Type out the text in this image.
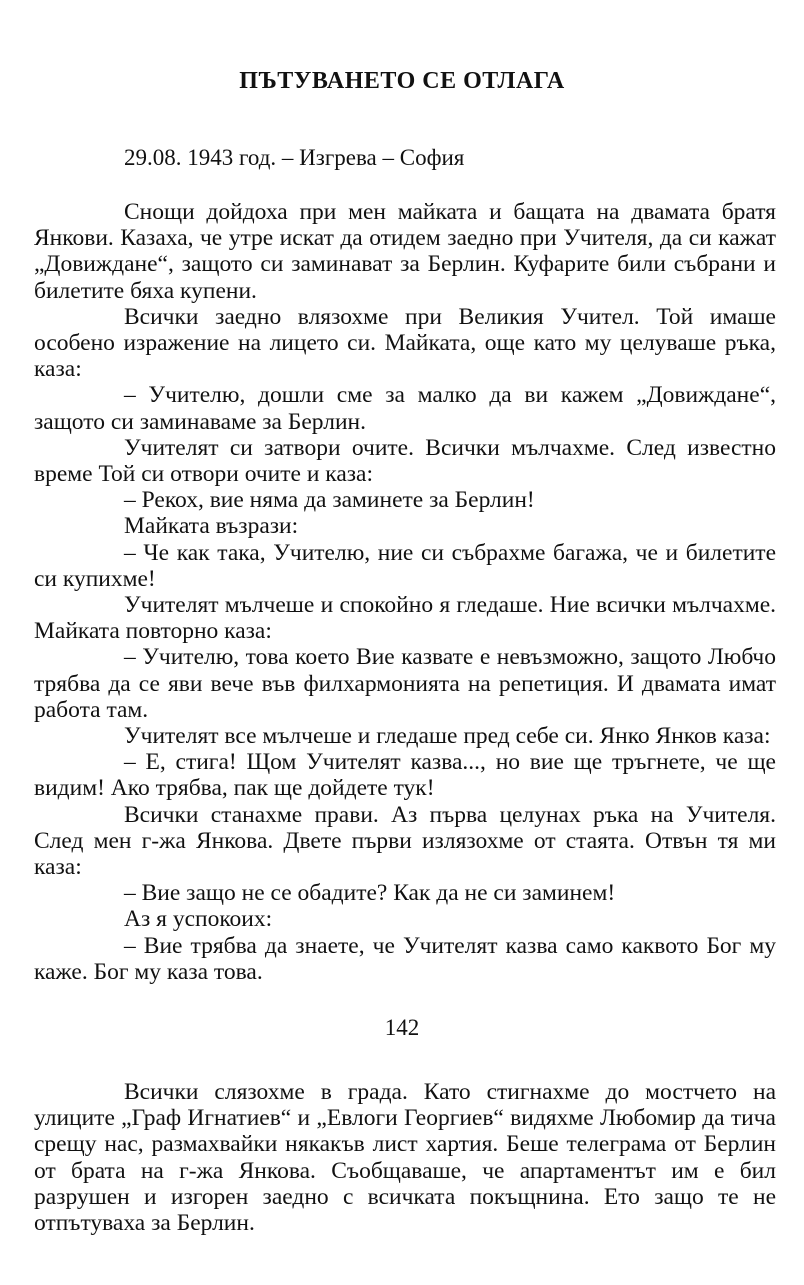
ПЪТУВАНЕТО СЕ ОТЛАГА
29.08. 1943 год. – Изгрева – София

Снощи дойдоха при мен майката и бащата на двамата братя Янкови. Казаха, че утре искат да отидем заедно при Учителя, да си кажат „Довиждане“, защото си заминават за Берлин. Куфарите били събрани и билетите бяха купени.

Всички заедно влязохме при Великия Учител. Той имаше особено изражение на лицето си. Майката, още като му целуваше ръка, каза:

– Учителю, дошли сме за малко да ви кажем „Довиждане“, защото си заминаваме за Берлин.

Учителят си затвори очите. Всички мълчахме. След известно време Той си отвори очите и каза:

– Рекох, вие няма да заминете за Берлин!

Майката възрази:

– Че как така, Учителю, ние си събрахме багажа, че и билетите си купихме!

Учителят мълчеше и спокойно я гледаше. Ние всички мълчахме. Майката повторно каза:

– Учителю, това което Вие казвате е невъзможно, защото Любчо трябва да се яви вече във филхармонията на репетиция. И двамата имат работа там.

Учителят все мълчеше и гледаше пред себе си. Янко Янков каза:

– Е, стига! Щом Учителят казва..., но вие ще тръгнете, че ще видим! Ако трябва, пак ще дойдете тук!

Всички станахме прави. Аз първа целунах ръка на Учителя. След мен г-жа Янкова. Двете първи излязохме от стаята. Отвън тя ми каза:

– Вие защо не се обадите? Как да не си заминем!

Аз я успокоих:

– Вие трябва да знаете, че Учителят казва само каквото Бог му каже. Бог му каза това.

142

Всички слязохме в града. Като стигнахме до мостчето на улиците „Граф Игнатиев“ и „Евлоги Георгиев“ видяхме Любомир да тича срещу нас, размахвайки някакъв лист хартия. Беше телеграма от Берлин от брата на г-жа Янкова. Съобщаваше, че апартаментът им е бил разрушен и изгорен заедно с всичката покъщнина. Ето защо те не отпътуваха за Берлин.
